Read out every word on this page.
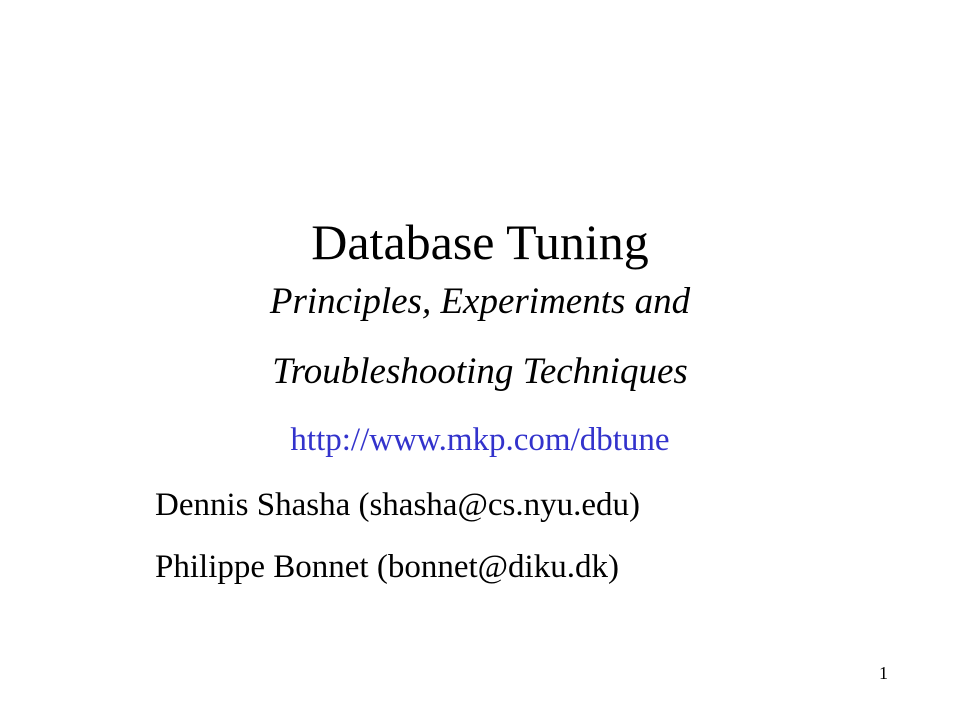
Database Tuning
Principles, Experiments and
Troubleshooting Techniques
http://www.mkp.com/dbtune
Dennis Shasha (shasha@cs.nyu.edu)
Philippe Bonnet (bonnet@diku.dk)
1
